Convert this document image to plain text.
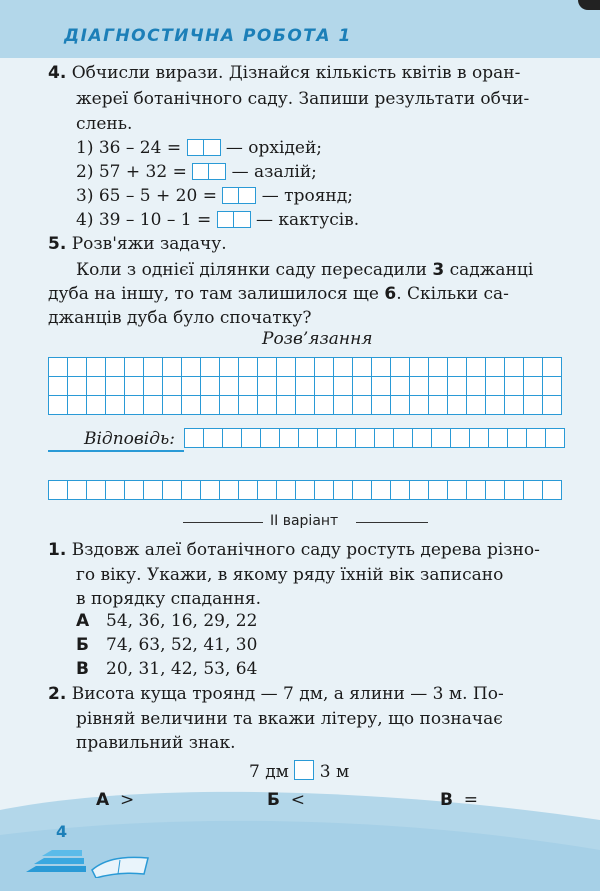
ДІАГНОСТИЧНА РОБОТА 1
4. Обчисли вирази. Дізнайся кількість квітів в оран-
жереї ботанічного саду. Запиши результати обчи-
слень.
1) 36 – 24 =	— орхідей;
2) 57 + 32 =	— азалій;
3) 65 – 5 + 20 =	— троянд;
4) 39 – 10 – 1 =	— кактусів.
5. Розв'яжи задачу.
Коли з однієї ділянки саду пересадили 3 саджанці
дуба на іншу, то там залишилося ще 6. Скільки са-
джанців дуба було спочатку?
Розв’язання
Відповідь:
ІІ варіант
1. Вздовж алеї ботанічного саду ростуть дерева різно-
го віку. Укажи, в якому ряду їхній вік записано
в порядку спадання.
А 54, 36, 16, 29, 22
Б 74, 63, 52, 41, 30
В 20, 31, 42, 53, 64
2. Висота куща троянд — 7 дм, а ялини — 3 м. По-
рівняй величини та вкажи літеру, що позначає
правильний знак.
7 дм 3 м
А >	Б <	В =
4
